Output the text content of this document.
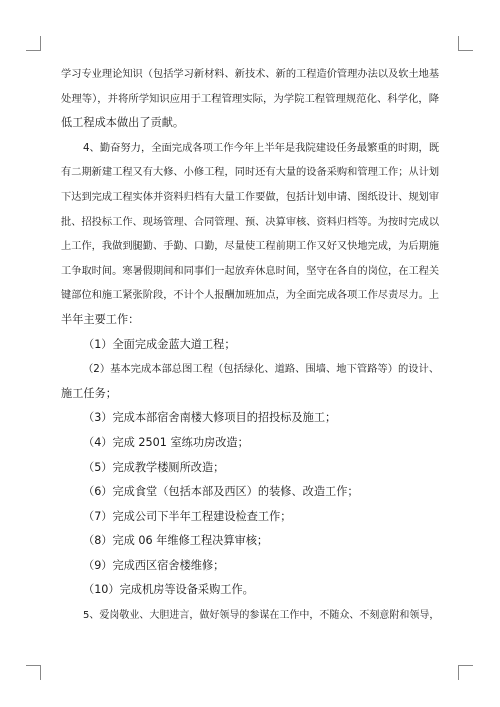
学习专业理论知识（包括学习新材料、新技术、新的工程造价管理办法以及软土地基
处理等），并将所学知识应用于工程管理实际，为学院工程管理规范化、科学化，降
低工程成本做出了贡献。
4、勤奋努力，全面完成各项工作今年上半年是我院建设任务最繁重的时期，既
有二期新建工程又有大修、小修工程，同时还有大量的设备采购和管理工作；从计划
下达到完成工程实体并资料归档有大量工作要做，包括计划申请、图纸设计、规划审
批、招投标工作、现场管理、合同管理、预、决算审核、资料归档等。为按时完成以
上工作，我做到腿勤、手勤、口勤，尽量使工程前期工作又好又快地完成，为后期施
工争取时间。寒暑假期间和同事们一起放弃休息时间，坚守在各自的岗位，在工程关
键部位和施工紧张阶段，不计个人报酬加班加点，为全面完成各项工作尽责尽力。上
半年主要工作：
（1）全面完成金蓝大道工程；
（2）基本完成本部总图工程（包括绿化、道路、围墙、地下管路等）的设计、
施工任务；
（3）完成本部宿舍南楼大修项目的招投标及施工；
（4）完成 2501 室练功房改造；
（5）完成教学楼厕所改造；
（6）完成食堂（包括本部及西区）的装修、改造工作；
（7）完成公司下半年工程建设检查工作；
（8）完成 06 年维修工程决算审核；
（9）完成西区宿舍楼维修；
（10）完成机房等设备采购工作。
5、爱岗敬业、大胆进言，做好领导的参谋在工作中，不随众、不刻意附和领导，
